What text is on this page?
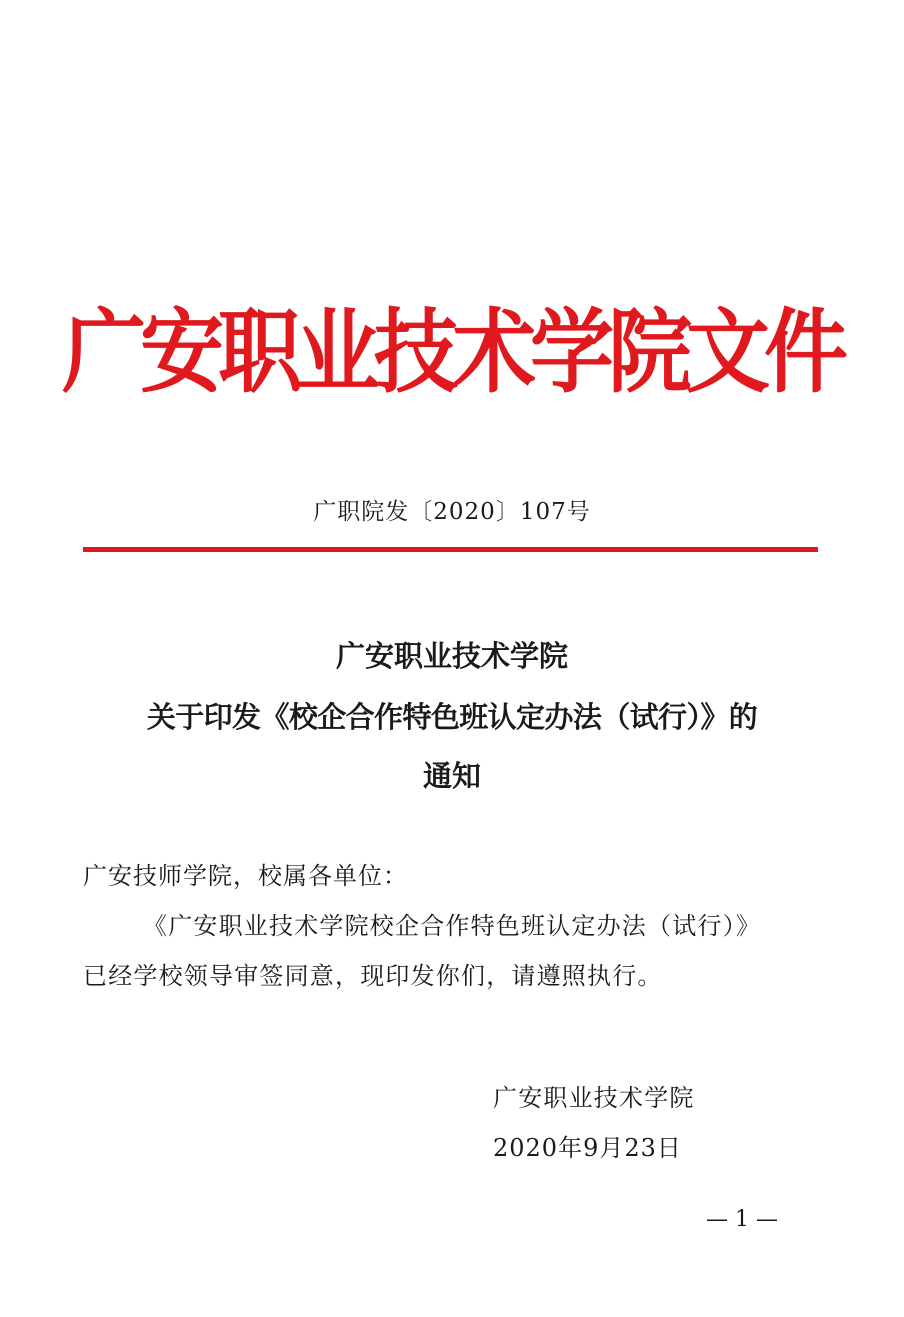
广安职业技术学院文件
广职院发〔2020〕107号
广安职业技术学院
关于印发《校企合作特色班认定办法（试行）》的
通知
广安技师学院，校属各单位：
《广安职业技术学院校企合作特色班认定办法（试行）》
已经学校领导审签同意，现印发你们，请遵照执行。
广安职业技术学院
2020年9月23日
— 1 —
